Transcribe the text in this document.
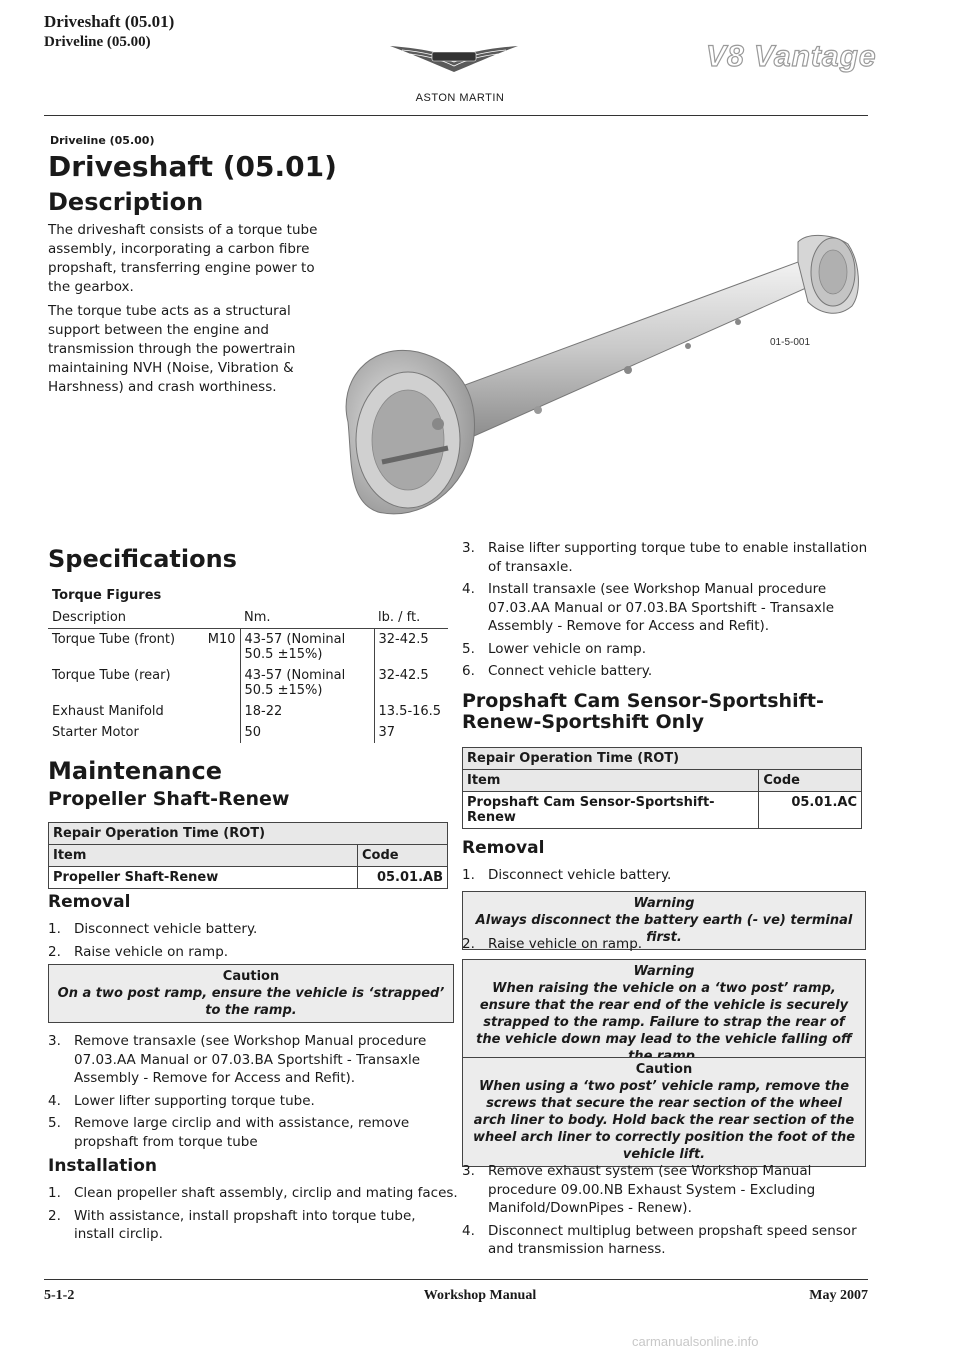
Driveshaft (05.01)
Driveline (05.00)
ASTON MARTIN
V8 Vantage
Driveline (05.00)
Driveshaft (05.01)
Description
The driveshaft consists of a torque tube assembly, incorporating a carbon fibre propshaft, transferring engine power to the gearbox.
The torque tube acts as a structural support between the engine and transmission through the powertrain maintaining NVH (Noise, Vibration & Harshness) and crash worthiness.
01-5-001
Specifications
Torque Figures
Description	Nm.	lb. / ft.
Torque Tube (front) M10	43-57 (Nominal 50.5 ±15%)	32-42.5
Torque Tube (rear)	43-57 (Nominal 50.5 ±15%)	32-42.5
Exhaust Manifold	18-22	13.5-16.5
Starter Motor	50	37
Maintenance
Propeller Shaft-Renew
Repair Operation Time (ROT)	
Item	Code
Propeller Shaft-Renew	05.01.AB
Removal
1. Disconnect vehicle battery.
2. Raise vehicle on ramp.
Caution
On a two post ramp, ensure the vehicle is ‘strapped’ to the ramp.
3. Remove transaxle (see Workshop Manual procedure 07.03.AA Manual or 07.03.BA Sportshift - Transaxle Assembly - Remove for Access and Refit).
4. Lower lifter supporting torque tube.
5. Remove large circlip and with assistance, remove propshaft from torque tube
Installation
1. Clean propeller shaft assembly, circlip and mating faces.
2. With assistance, install propshaft into torque tube, install circlip.
3. Raise lifter supporting torque tube to enable installation of transaxle.
4. Install transaxle (see Workshop Manual procedure 07.03.AA Manual or 07.03.BA Sportshift - Transaxle Assembly - Remove for Access and Refit).
5. Lower vehicle on ramp.
6. Connect vehicle battery.
Propshaft Cam Sensor-Sportshift-Renew-Sportshift Only
Repair Operation Time (ROT)	
Item	Code
Propshaft Cam Sensor-Sportshift-Renew	05.01.AC
Removal
1. Disconnect vehicle battery.
Warning
Always disconnect the battery earth (- ve) terminal first.
2. Raise vehicle on ramp.
Warning
When raising the vehicle on a ‘two post’ ramp, ensure that the rear end of the vehicle is securely strapped to the ramp. Failure to strap the rear of the vehicle down may lead to the vehicle falling off
Caution
When using a ‘two post’ vehicle ramp, remove the screws that secure the rear section of the wheel arch liner to body. Hold back the rear section of the wheel arch liner to correctly position the foot of the vehicle lift.
3. Remove exhaust system (see Workshop Manual procedure 09.00.NB Exhaust System - Excluding Manifold/DownPipes - Renew).
4. Disconnect multiplug between propshaft speed sensor and transmission harness.
5-1-2	Workshop Manual	May 2007
carmanualsonline.info
